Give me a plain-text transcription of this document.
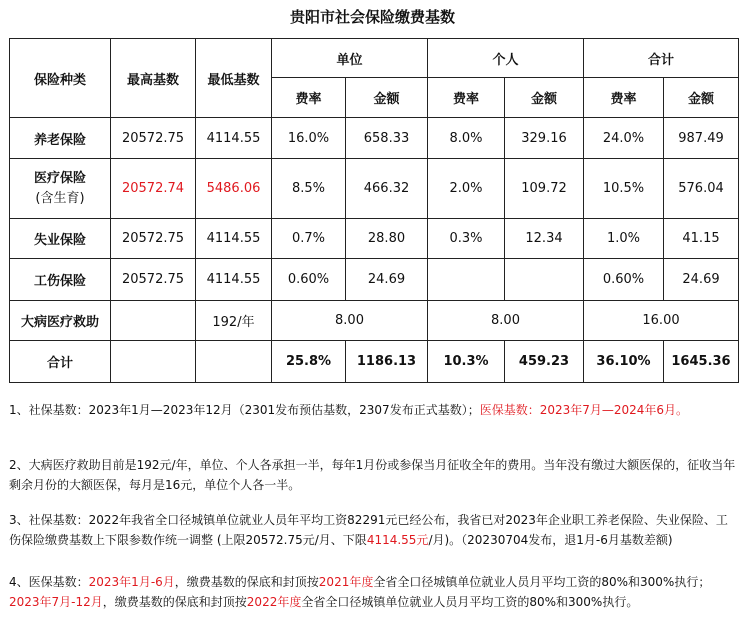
贵阳市社会保险缴费基数
保险种类	最高基数	最低基数	单位		个人		合计	
			费率	金额	费率	金额	费率	金额
养老保险	20572.75	4114.55	16.0%	658.33	8.0%	329.16	24.0%	987.49

医疗保险
(含生育)	20572.74	5486.06	8.5%	466.32	2.0%	109.72	10.5%	576.04
失业保险	20572.75	4114.55	0.7%	28.80	0.3%	12.34	1.0%	41.15
工伤保险	20572.75	4114.55	0.60%	24.69			0.60%	24.69
大病医疗救助		192/年	8.00		8.00		16.00	
合计			25.8%	1186.13	10.3%	459.23	36.10%	1645.36

1、社保基数：2023年1月—2023年12月（2301发布预估基数，2307发布正式基数）；医保基数：2023年7月—2024年6月。

2、大病医疗救助目前是192元/年，单位、个人各承担一半，每年1月份或参保当月征收全年的费用。当年没有缴过大额医保的，征收当年剩余月份的大额医保，每月是16元，单位个人各一半。

3、社保基数：2022年我省全口径城镇单位就业人员年平均工资82291元已经公布，我省已对2023年企业职工养老保险、失业保险、工伤保险缴费基数上下限参数作统一调整 (上限20572.75元/月、下限4114.55元/月)。（20230704发布，退1月-6月基数差额)

4、医保基数：2023年1月-6月，缴费基数的保底和封顶按2021年度全省全口径城镇单位就业人员月平均工资的80%和300%执行；2023年7月-12月，缴费基数的保底和封顶按2022年度全省全口径城镇单位就业人员月平均工资的80%和300%执行。
